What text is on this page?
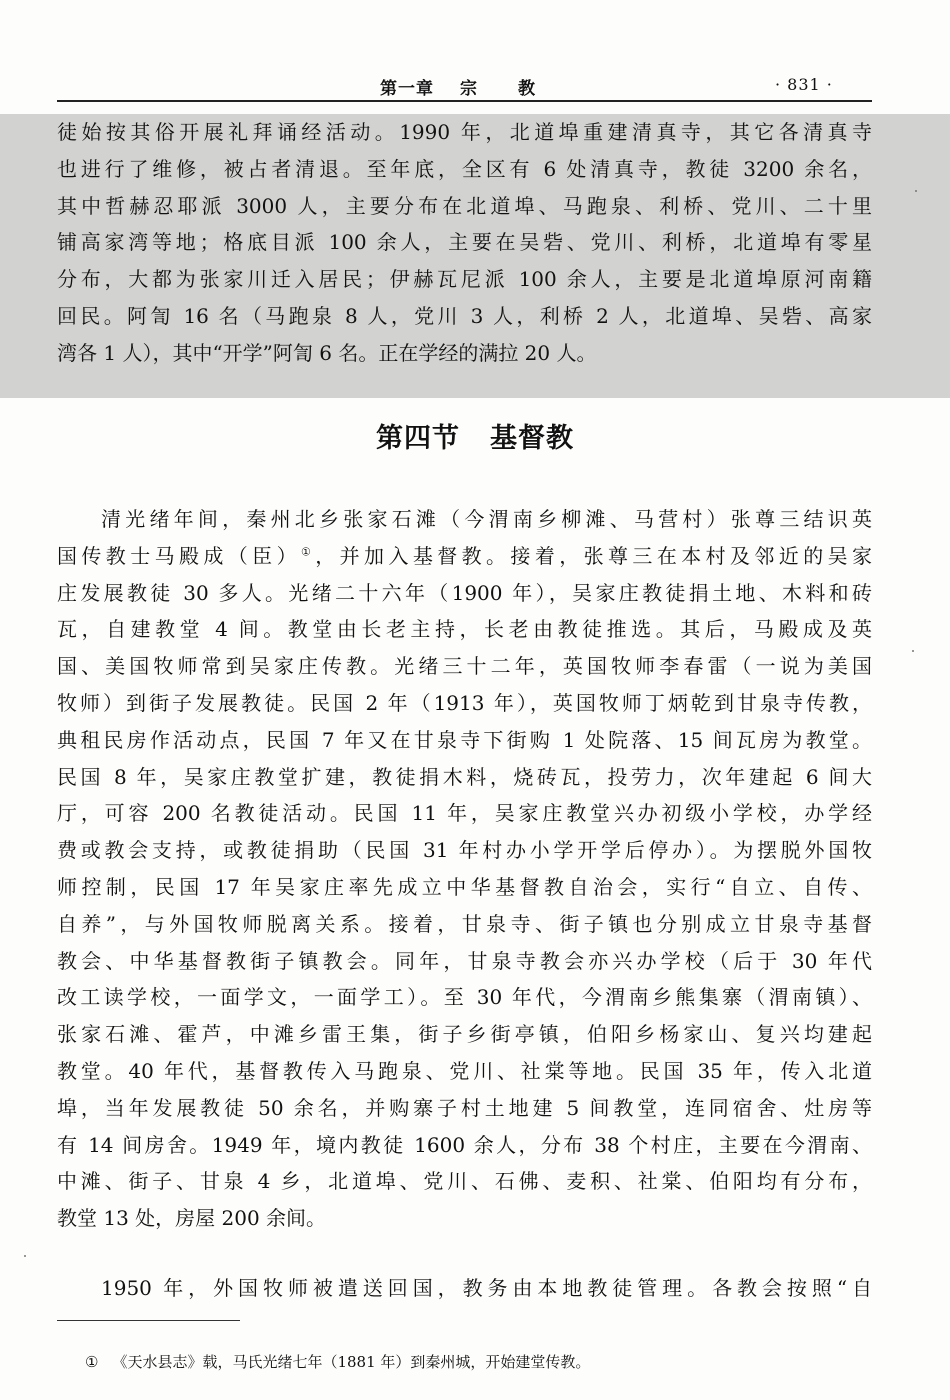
第一章 宗 教	· 831 ·
徒始按其俗开展礼拜诵经活动。1990 年，北道埠重建清真寺，其它各清真寺
也进行了维修，被占者清退。至年底，全区有 6 处清真寺，教徒 3200 余名，
其中哲赫忍耶派 3000 人，主要分布在北道埠、马跑泉、利桥、党川、二十里
铺高家湾等地；格底目派 100 余人，主要在吴砦、党川、利桥，北道埠有零星
分布，大都为张家川迁入居民；伊赫瓦尼派 100 余人，主要是北道埠原河南籍
回民。阿訇 16 名（马跑泉 8 人，党川 3 人，利桥 2 人，北道埠、吴砦、高家
湾各 1 人），其中“开学”阿訇 6 名。正在学经的满拉 20 人。
第四节 基督教
清光绪年间，秦州北乡张家石滩（今渭南乡柳滩、马营村）张尊三结识英
国传教士马殿成（臣）①，并加入基督教。接着，张尊三在本村及邻近的吴家
庄发展教徒 30 多人。光绪二十六年（1900 年），吴家庄教徒捐土地、木料和砖
瓦，自建教堂 4 间。教堂由长老主持，长老由教徒推选。其后，马殿成及英
国、美国牧师常到吴家庄传教。光绪三十二年，英国牧师李春雷（一说为美国
牧师）到街子发展教徒。民国 2 年（1913 年），英国牧师丁炳乾到甘泉寺传教，
典租民房作活动点，民国 7 年又在甘泉寺下街购 1 处院落、15 间瓦房为教堂。
民国 8 年，吴家庄教堂扩建，教徒捐木料，烧砖瓦，投劳力，次年建起 6 间大
厅，可容 200 名教徒活动。民国 11 年，吴家庄教堂兴办初级小学校，办学经
费或教会支持，或教徒捐助（民国 31 年村办小学开学后停办）。为摆脱外国牧
师控制，民国 17 年吴家庄率先成立中华基督教自治会，实行“自立、自传、
自养”，与外国牧师脱离关系。接着，甘泉寺、街子镇也分别成立甘泉寺基督
教会、中华基督教街子镇教会。同年，甘泉寺教会亦兴办学校（后于 30 年代
改工读学校，一面学文，一面学工）。至 30 年代，今渭南乡熊集寨（渭南镇）、
张家石滩、霍芦，中滩乡雷王集，街子乡街亭镇，伯阳乡杨家山、复兴均建起
教堂。40 年代，基督教传入马跑泉、党川、社棠等地。民国 35 年，传入北道
埠，当年发展教徒 50 余名，并购寨子村土地建 5 间教堂，连同宿舍、灶房等
有 14 间房舍。1949 年，境内教徒 1600 余人，分布 38 个村庄，主要在今渭南、
中滩、街子、甘泉 4 乡，北道埠、党川、石佛、麦积、社棠、伯阳均有分布，
教堂 13 处，房屋 200 余间。
1950 年，外国牧师被遣送回国，教务由本地教徒管理。各教会按照“自
① 《天水县志》载，马氏光绪七年（1881 年）到秦州城，开始建堂传教。
